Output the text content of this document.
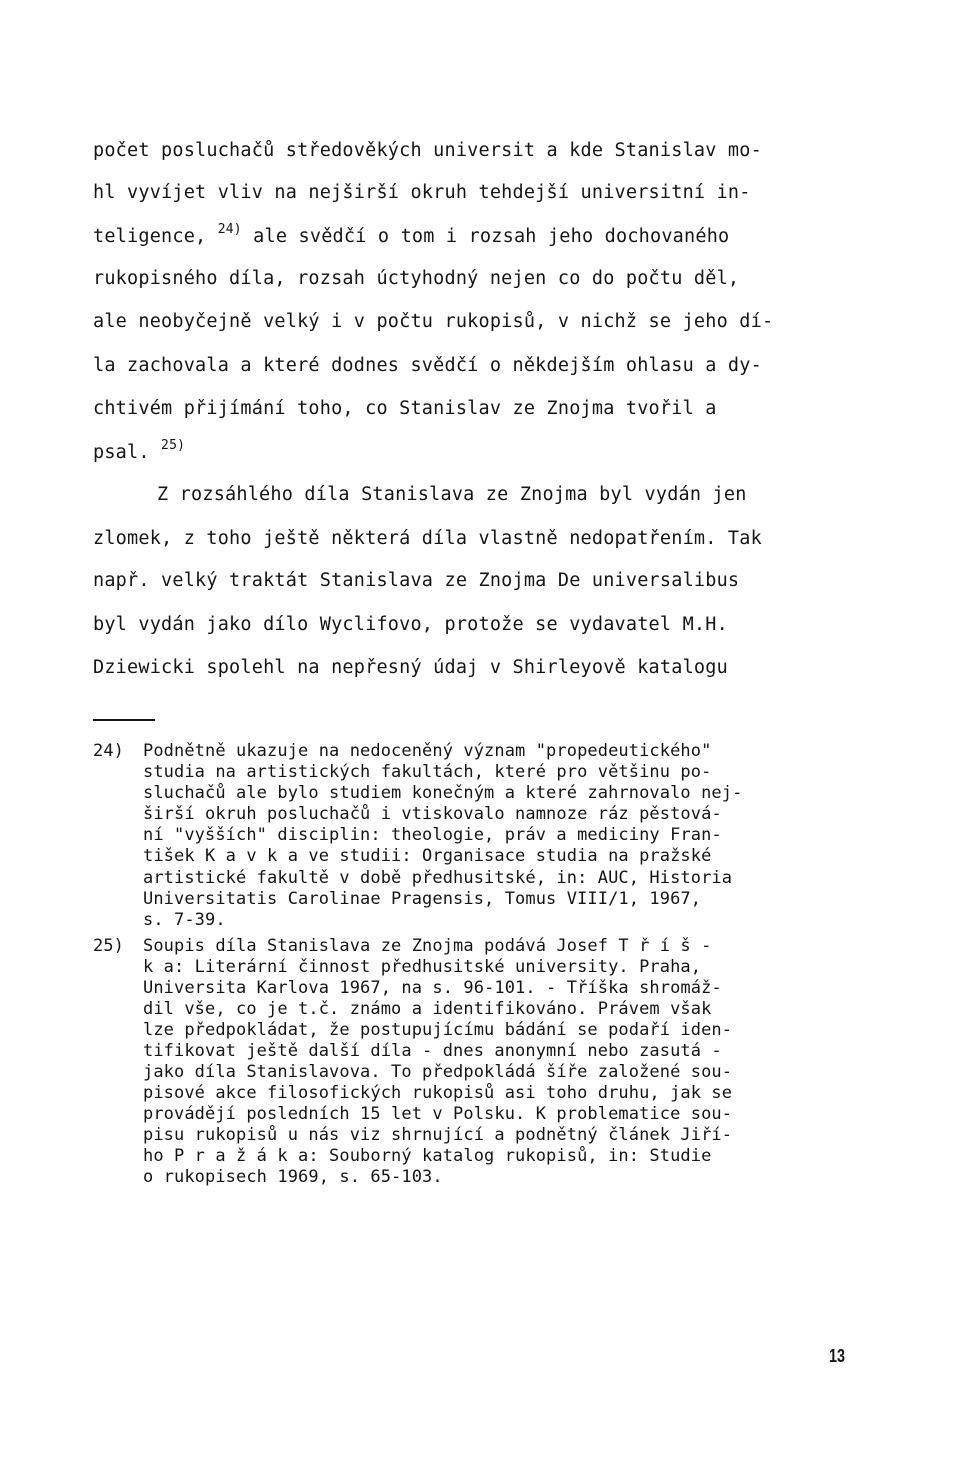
počet posluchačů středověkých universit a kde Stanislav mo-

hl vyvíjet vliv na nejširší okruh tehdejší universitní in-

teligence, $^{24)}$ ale svědčí o tom i rozsah jeho dochovaného

rukopisného díla, rozsah úctyhodný nejen co do počtu děl,

ale neobyčejně velký i v počtu rukopisů, v nichž se jeho dí-

la zachovala a které dodnes svědčí o někdejším ohlasu a dy-

chtivém přijímání toho, co Stanislav ze Znojma tvořil a

psal. $^{25)}$

Z rozsáhlého díla Stanislava ze Znojma byl vydán jen

zlomek, z toho ještě některá díla vlastně nedopatřením. Tak

např. velký traktát Stanislava ze Znojma De universalibus

byl vydán jako dílo Wyclifovo, protože se vydavatel M.H.

Dziewicki spolehl na nepřesný údaj v Shirleyově katalogu

24) Podnětně ukazuje na nedoceněný význam "propedeutického"

studia na artistických fakultách, které pro většinu po-

sluchačů ale bylo studiem konečným a které zahrnovalo nej-

širší okruh posluchačů i vtiskovalo namnoze ráz pěstová-

ní "vyšších" disciplin: theologie, práv a mediciny Fran-

tišek K a v k a ve studii: Organisace studia na pražské

artistické fakultě v době předhusitské, in: AUC, Historia

Universitatis Carolinae Pragensis, Tomus VIII/1, 1967,

s. 7-39.

25) Soupis díla Stanislava ze Znojma podává Josef T ř í š -

k a: Literární činnost předhusitské university. Praha,

Universita Karlova 1967, na s. 96-101. - Tříška shromáž-

dil vše, co je t.č. známo a identifikováno. Právem však

lze předpokládat, že postupujícímu bádání se podaří iden-

tifikovat ještě další díla - dnes anonymní nebo zasutá -

jako díla Stanislavova. To předpokládá šíře založené sou-

pisové akce filosofických rukopisů asi toho druhu, jak se

provádějí posledních 15 let v Polsku. K problematice sou-

pisu rukopisů u nás viz shrnující a podnětný článek Jiří-

ho P r a ž á k a: Souborný katalog rukopisů, in: Studie

o rukopisech 1969, s. 65-103.

13
